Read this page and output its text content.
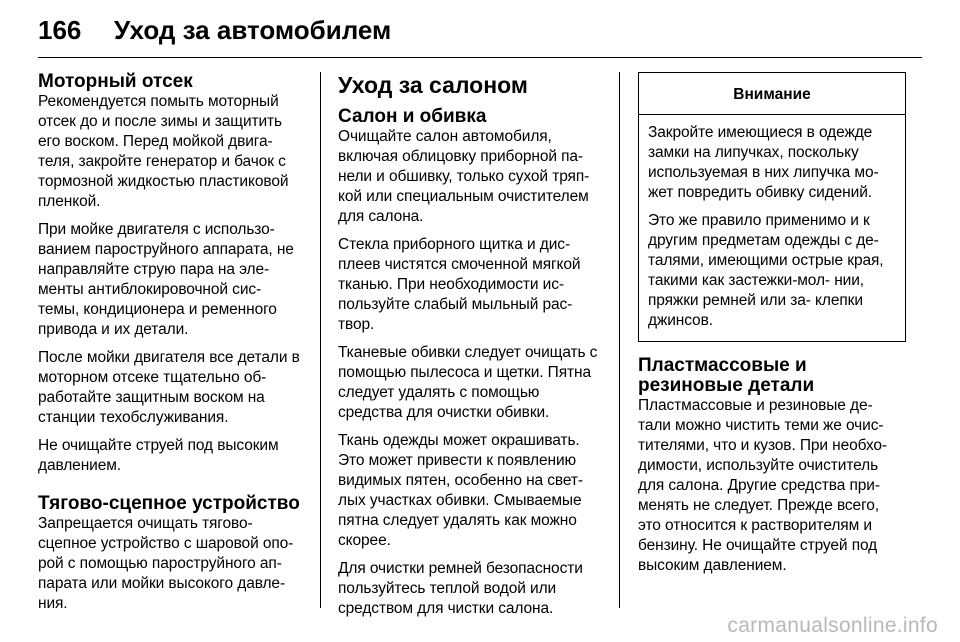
166	Уход за автомобилем
Моторный отсек

Рекомендуется помыть моторный отсек до и после зимы и защитить его воском. Перед мойкой двига- теля, закройте генератор и бачок с тормозной жидкостью пластиковой пленкой.

При мойке двигателя с использо- ванием пароструйного аппарата, не направляйте струю пара на эле- менты антиблокировочной сис- темы, кондиционера и ременного привода и их детали.

После мойки двигателя все детали в моторном отсеке тщательно об- работайте защитным воском на станции техобслуживания.

Не очищайте струей под высоким давлением.

Тягово-сцепное устройство

Запрещается очищать тягово- сцепное устройство с шаровой опо- рой с помощью пароструйного ап- парата или мойки высокого давле- ния.

Уход за салоном
Салон и обивка

Очищайте салон автомобиля, включая облицовку приборной па- нели и обшивку, только сухой тряп- кой или специальным очистителем для салона.

Стекла приборного щитка и дис- плеев чистятся смоченной мягкой тканью. При необходимости ис- пользуйте слабый мыльный рас- твор.

Тканевые обивки следует очищать с помощью пылесоса и щетки. Пятна следует удалять с помощью средства для очистки обивки.

Ткань одежды может окрашивать. Это может привести к появлению видимых пятен, особенно на свет- лых участках обивки. Смываемые пятна следует удалять как можно скорее.

Для очистки ремней безопасности пользуйтесь теплой водой или средством для чистки салона.

Внимание

Закройте имеющиеся в одежде замки на липучках, поскольку используемая в них липучка мо- жет повредить обивку сидений.

Это же правило применимо и к другим предметам одежды с де- талями, имеющими острые края, такими как застежки-мол- нии, пряжки ремней или за- клепки джинсов.

Пластмассовые и резиновые детали

Пластмассовые и резиновые де- тали можно чистить теми же очис- тителями, что и кузов. При необхо- димости, используйте очиститель для салона. Другие средства при- менять не следует. Прежде всего, это относится к растворителям и бензину. Не очищайте струей под высоким давлением.

carmanualsonline.info
